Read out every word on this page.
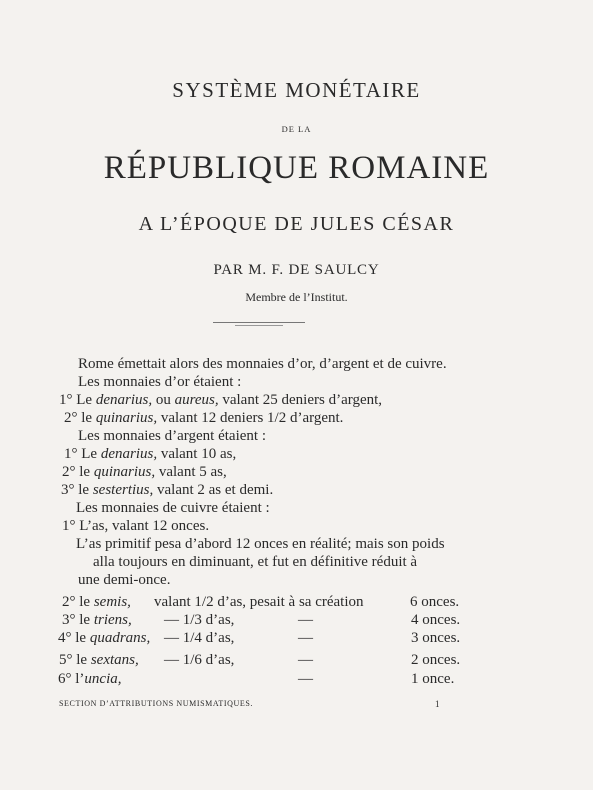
SYSTÈME MONÉTAIRE
DE LA
RÉPUBLIQUE ROMAINE
A L’ÉPOQUE DE JULES CÉSAR
PAR M. F. DE SAULCY
Membre de l’Institut.
Rome émettait alors des monnaies d’or, d’argent et de cuivre.
Les monnaies d’or étaient :
1° Le denarius, ou aureus, valant 25 deniers d’argent,
2° le quinarius, valant 12 deniers 1/2 d’argent.
Les monnaies d’argent étaient :
1° Le denarius, valant 10 as,
2° le quinarius, valant 5 as,
3° le sestertius, valant 2 as et demi.
Les monnaies de cuivre étaient :
1° L’as, valant 12 onces.
L’as primitif pesa d’abord 12 onces en réalité; mais son poids
alla toujours en diminuant, et fut en définitive réduit à
une demi-once.
2° le semis, valant 1/2 d’as, pesait à sa création	6 onces.
3° le triens, — 1/3 d’as,	—	4 onces.
4° le quadrans, — 1/4 d’as,	—	3 onces.
5° le sextans, — 1/6 d’as,	—	2 onces.
6° l’uncia,	—	1 once.
SECTION D’ATTRIBUTIONS NUMISMATIQUES.	1
